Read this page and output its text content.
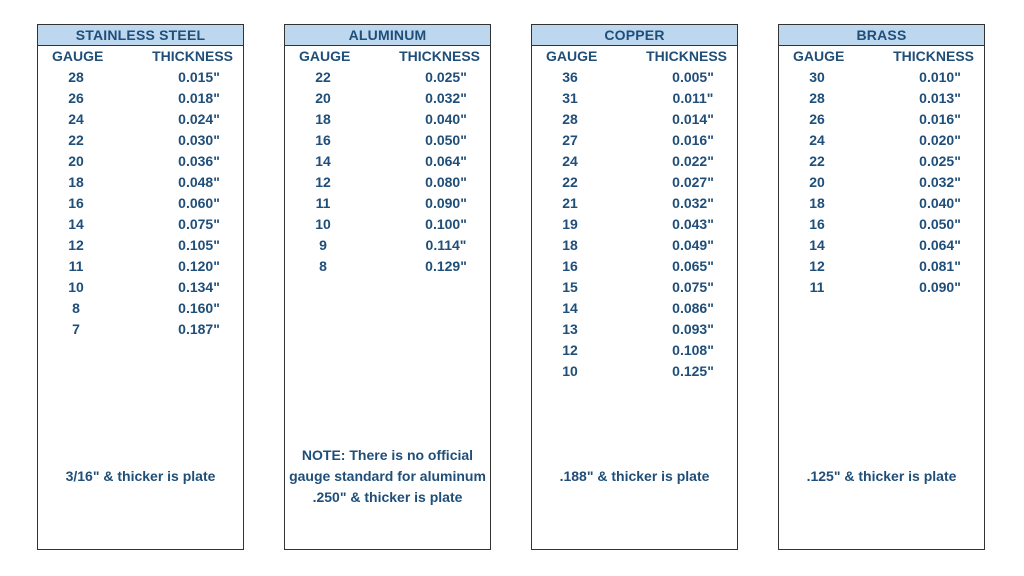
STAINLESS STEEL
GAUGE	THICKNESS
28	0.015"
26	0.018"
24	0.024"
22	0.030"
20	0.036"
18	0.048"
16	0.060"
14	0.075"
12	0.105"
11	0.120"
10	0.134"
8	0.160"
7	0.187"
3/16" & thicker is plate
ALUMINUM
GAUGE	THICKNESS
22	0.025"
20	0.032"
18	0.040"
16	0.050"
14	0.064"
12	0.080"
11	0.090"
10	0.100"
9	0.114"
8	0.129"
NOTE: There is no official
gauge standard for aluminum
.250" & thicker is plate
COPPER
GAUGE	THICKNESS
36	0.005"
31	0.011"
28	0.014"
27	0.016"
24	0.022"
22	0.027"
21	0.032"
19	0.043"
18	0.049"
16	0.065"
15	0.075"
14	0.086"
13	0.093"
12	0.108"
10	0.125"
.188" & thicker is plate
BRASS
GAUGE	THICKNESS
30	0.010"
28	0.013"
26	0.016"
24	0.020"
22	0.025"
20	0.032"
18	0.040"
16	0.050"
14	0.064"
12	0.081"
11	0.090"
.125" & thicker is plate
